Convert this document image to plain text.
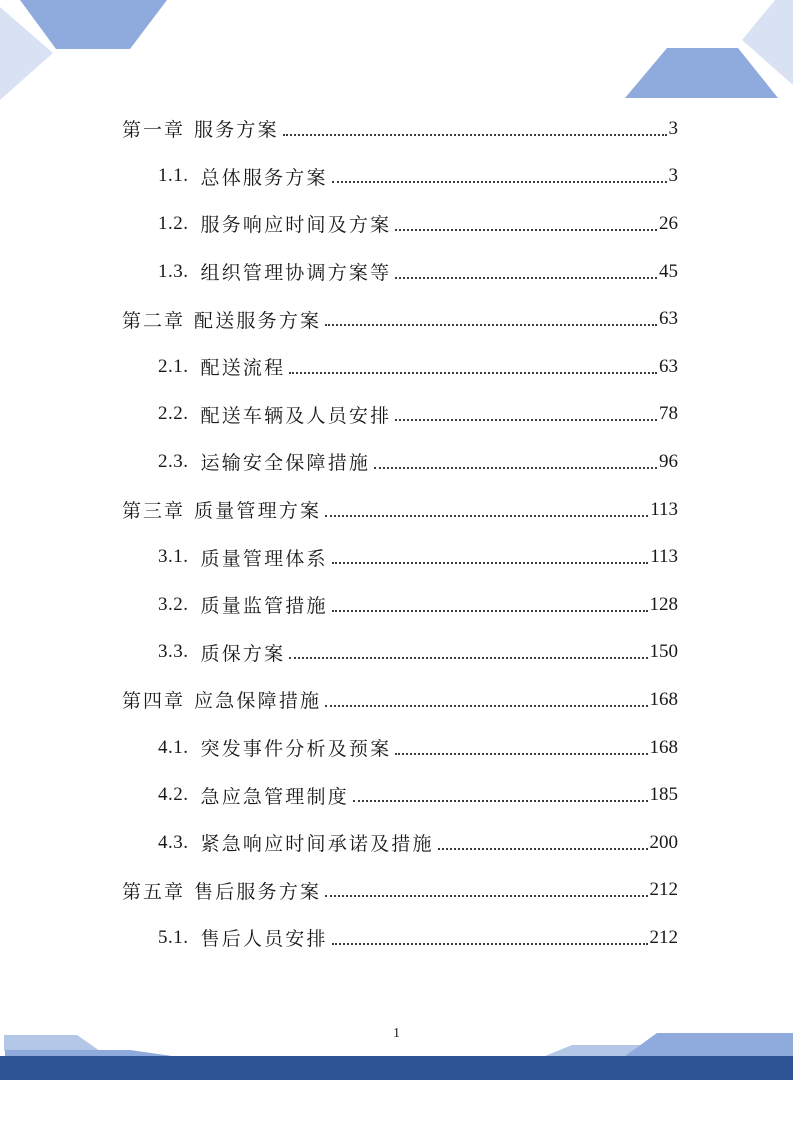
第一章 服务方案	3
1.1. 总体服务方案	3
1.2. 服务响应时间及方案	26
1.3. 组织管理协调方案等	45
第二章 配送服务方案	63
2.1. 配送流程	63
2.2. 配送车辆及人员安排	78
2.3. 运输安全保障措施	96
第三章 质量管理方案	113
3.1. 质量管理体系	113
3.2. 质量监管措施	128
3.3. 质保方案	150
第四章 应急保障措施	168
4.1. 突发事件分析及预案	168
4.2. 急应急管理制度	185
4.3. 紧急响应时间承诺及措施	200
第五章 售后服务方案	212
5.1. 售后人员安排	212
1
